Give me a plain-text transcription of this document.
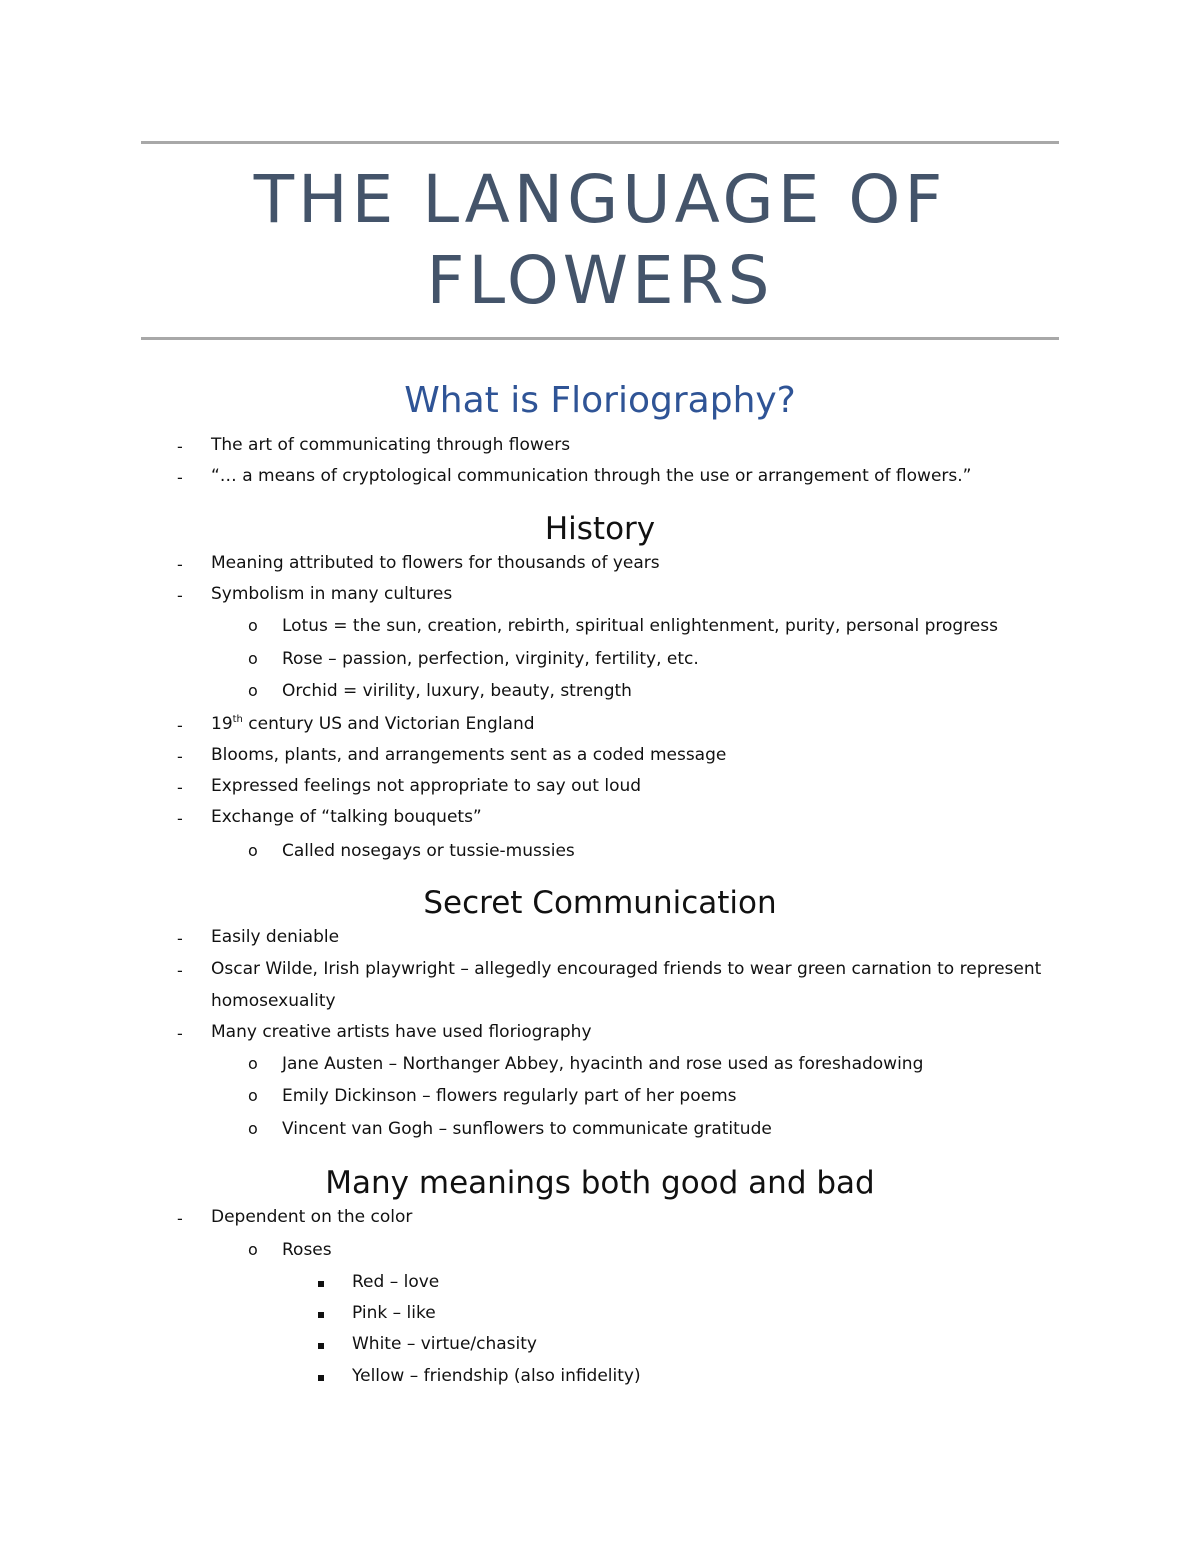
THE LANGUAGE OF
FLOWERS
What is Floriography?
- The art of communicating through flowers
- “… a means of cryptological communication through the use or arrangement of flowers.”
History
- Meaning attributed to flowers for thousands of years
- Symbolism in many cultures
o Lotus = the sun, creation, rebirth, spiritual enlightenment, purity, personal progress
o Rose – passion, perfection, virginity, fertility, etc.
o Orchid = virility, luxury, beauty, strength
- 19th century US and Victorian England
- Blooms, plants, and arrangements sent as a coded message
- Expressed feelings not appropriate to say out loud
- Exchange of “talking bouquets”
o Called nosegays or tussie-mussies
Secret Communication
- Easily deniable
- Oscar Wilde, Irish playwright – allegedly encouraged friends to wear green carnation to represent
homosexuality
- Many creative artists have used floriography
o Jane Austen – Northanger Abbey, hyacinth and rose used as foreshadowing
o Emily Dickinson – flowers regularly part of her poems
o Vincent van Gogh – sunflowers to communicate gratitude
Many meanings both good and bad
- Dependent on the color
o Roses
Red – love
Pink – like
White – virtue/chasity
Yellow – friendship (also infidelity)
